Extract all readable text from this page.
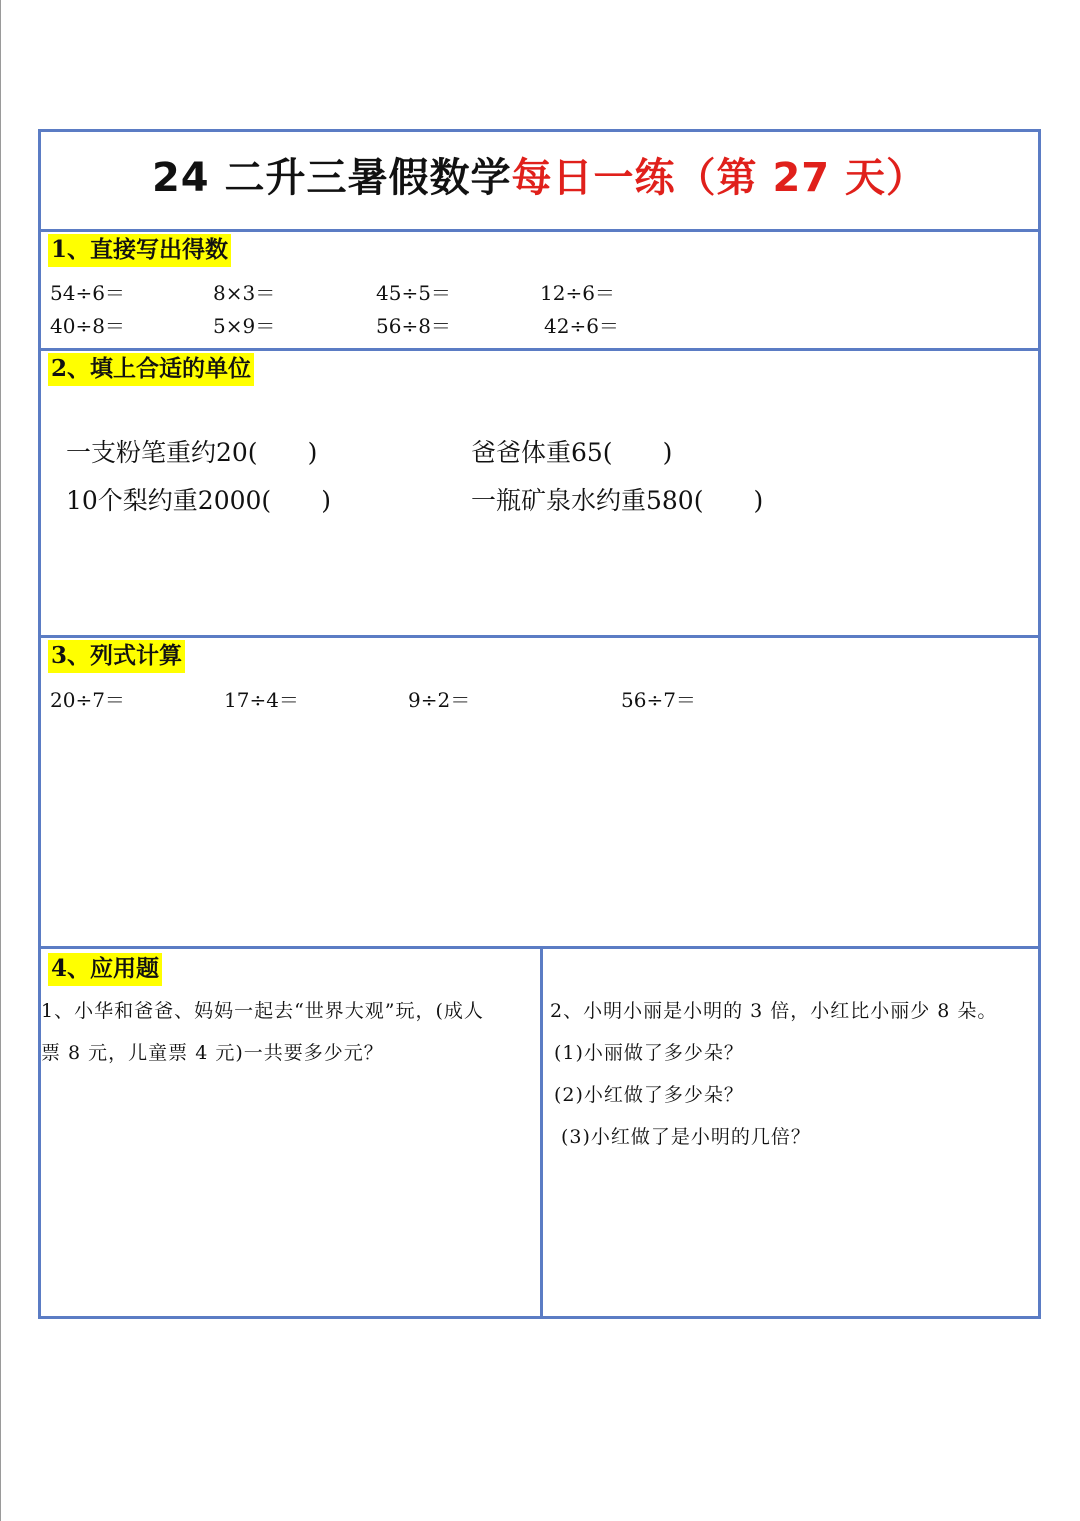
24 二升三暑假数学每日一练（第 27 天）
1、直接写出得数
54÷6＝	8×3＝	45÷5＝	12÷6＝
40÷8＝	5×9＝	56÷8＝	42÷6＝
2、填上合适的单位
一支粉笔重约20(　　)	爸爸体重65(　　)
10个梨约重2000(　　)	一瓶矿泉水约重580(　　)
3、列式计算
20÷7＝	17÷4＝	9÷2＝	56÷7＝
4、应用题
1、小华和爸爸、妈妈一起去“世界大观”玩，(成人
票 8 元，儿童票 4 元)一共要多少元？
2、小明小丽是小明的 3 倍，小红比小丽少 8 朵。
(1)小丽做了多少朵？
(2)小红做了多少朵？
(3)小红做了是小明的几倍？
